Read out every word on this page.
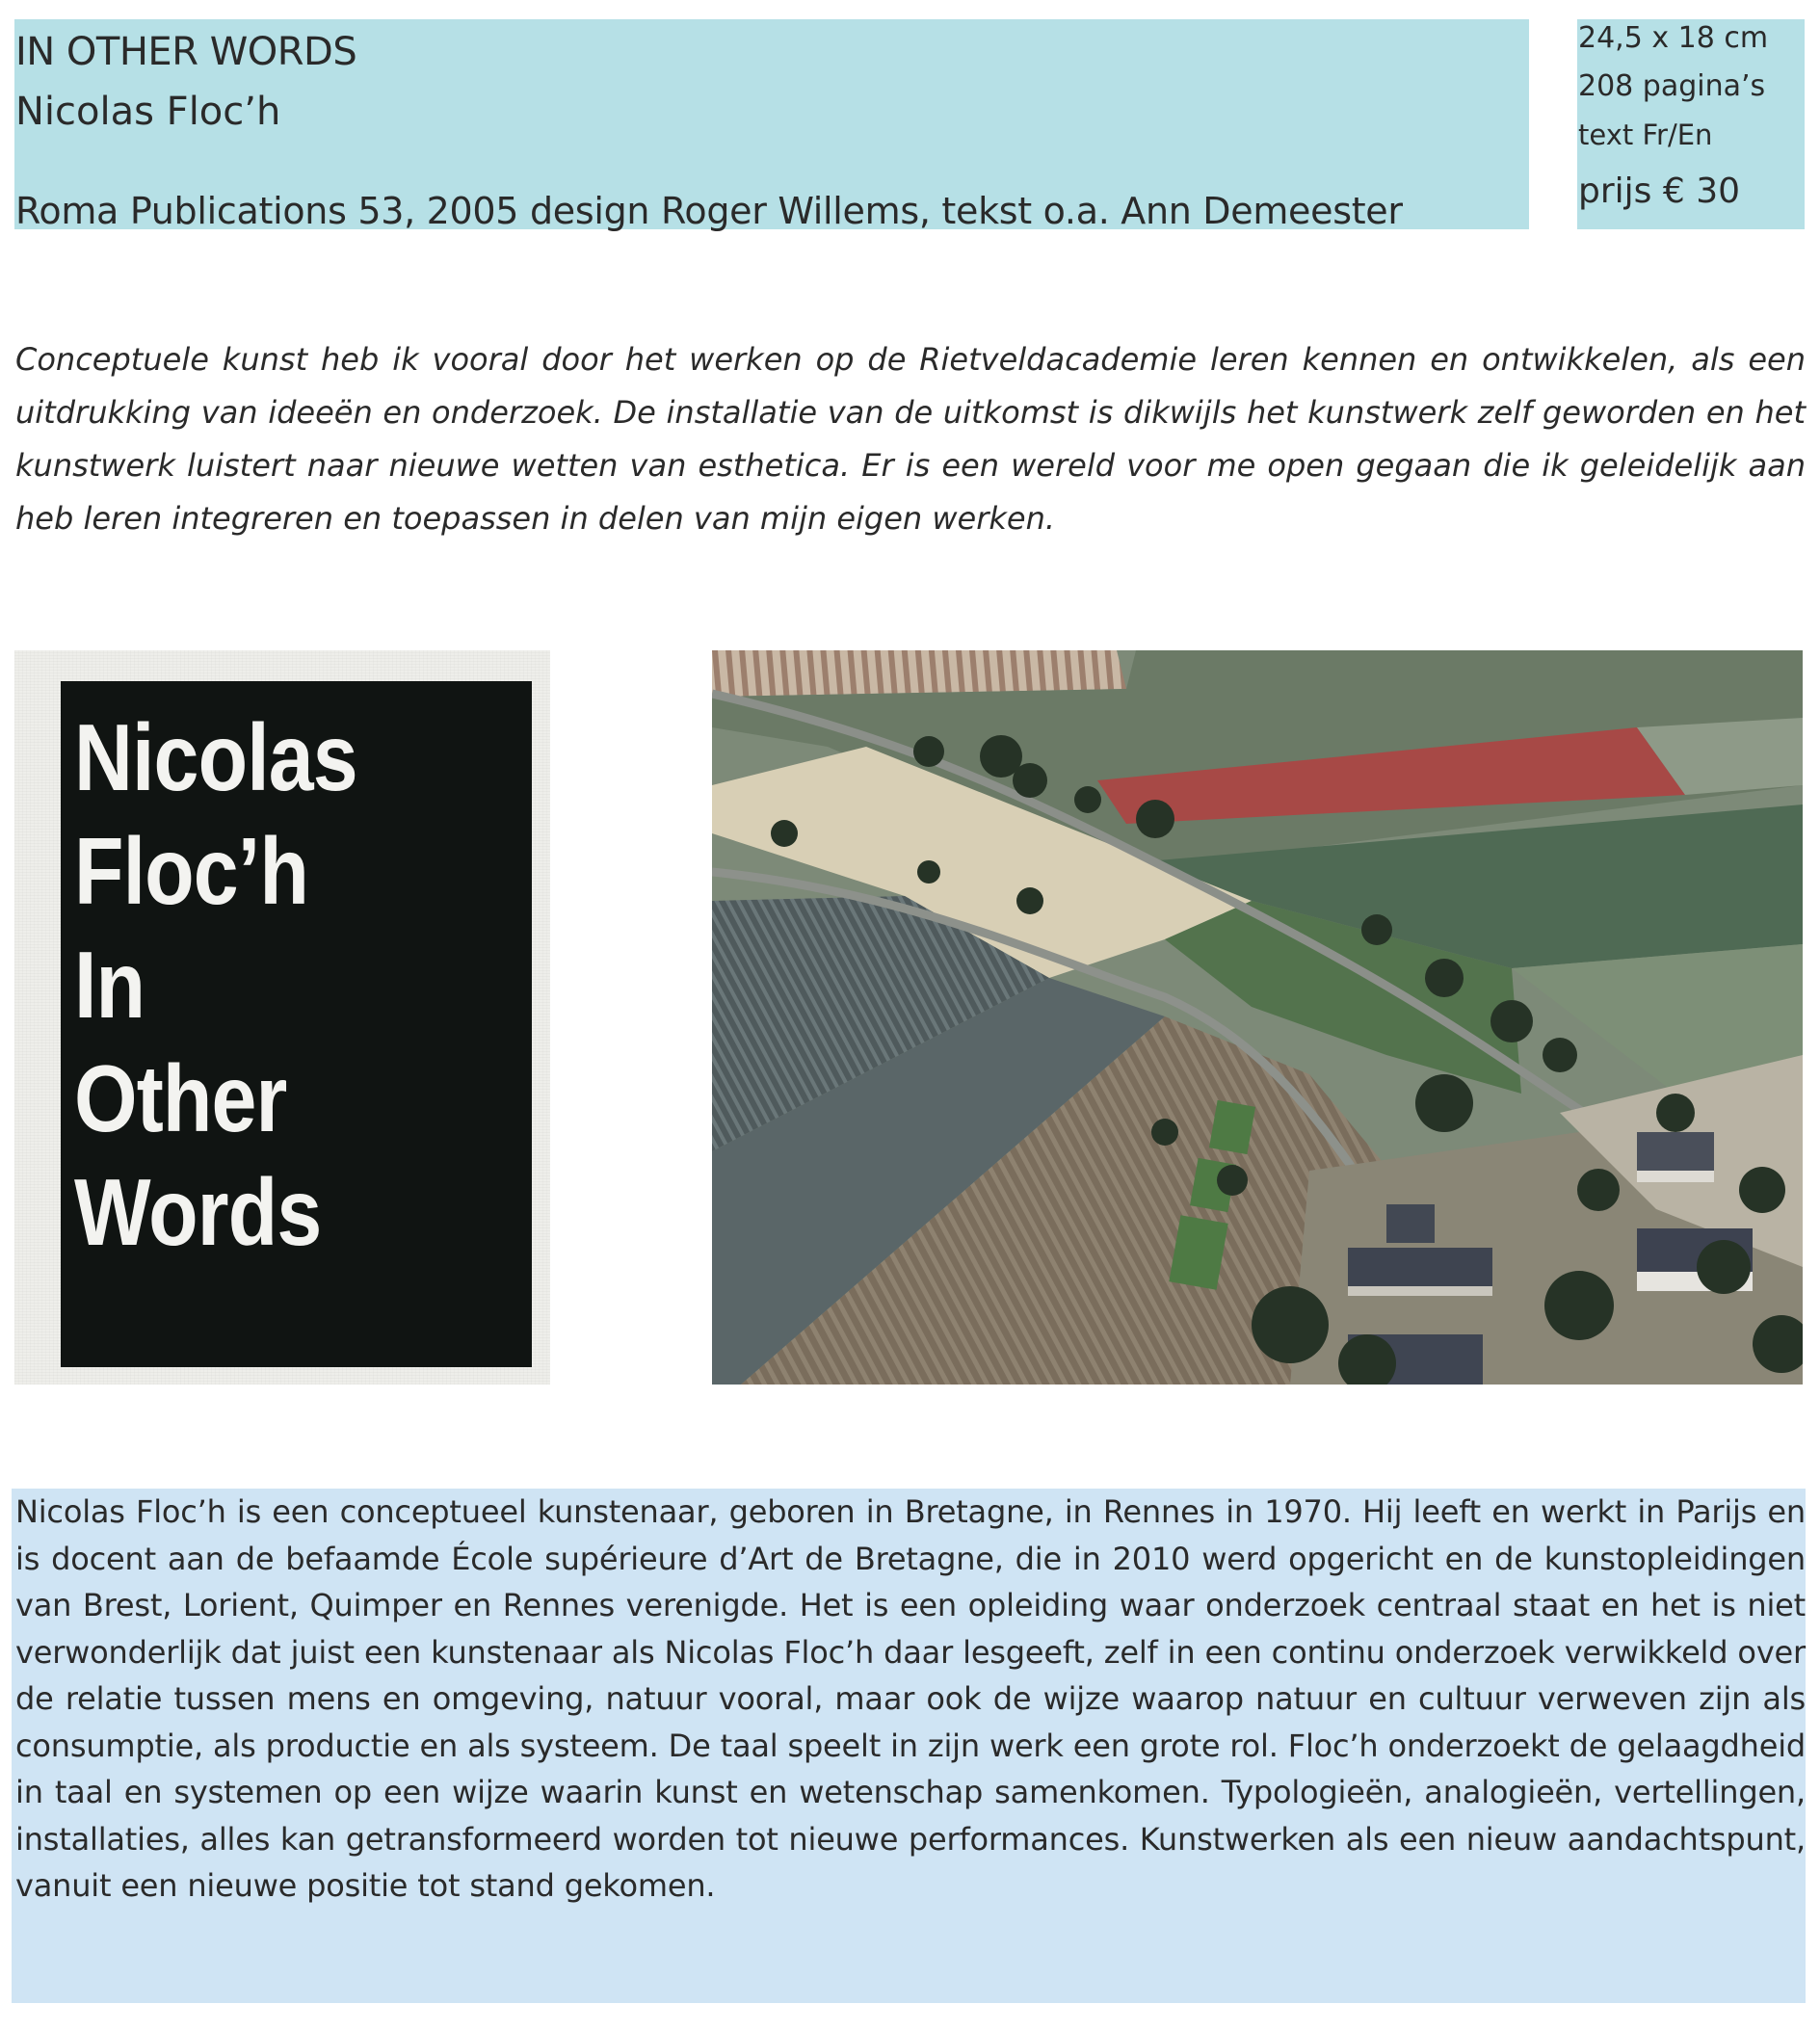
IN OTHER WORDS
Nicolas Floc’h
Roma Publications 53, 2005 design Roger Willems, tekst o.a. Ann Demeester
24,5 x 18 cm
208 pagina’s
text Fr/En
prijs € 30
Conceptuele kunst heb ik vooral door het werken op de Rietveldacademie leren kennen en ontwikkelen, als een uitdrukking van ideeën en onderzoek. De installatie van de uitkomst is dikwijls het kunstwerk zelf geworden en het kunstwerk luistert naar nieuwe wetten van esthetica. Er is een wereld voor me open gegaan die ik geleidelijk aan heb leren integreren en toepassen in delen van mijn eigen werken.
Nicolas
Floc’h
In
Other
Words
Nicolas Floc’h is een conceptueel kunstenaar, geboren in Bretagne, in Rennes in 1970. Hij leeft en werkt in Parijs en is docent aan de befaamde École supérieure d’Art de Bretagne, die in 2010 werd opgericht en de kunstopleidingen van Brest, Lorient, Quimper en Rennes verenigde. Het is een opleiding waar onderzoek centraal staat en het is niet verwonderlijk dat juist een kunstenaar als Nicolas Floc’h daar lesgeeft, zelf in een continu onderzoek verwikkeld over de relatie tussen mens en omgeving, natuur vooral, maar ook de wijze waarop natuur en cultuur verweven zijn als consumptie, als productie en als systeem. De taal speelt in zijn werk een grote rol. Floc’h onderzoekt de gelaagdheid in taal en systemen op een wijze waarin kunst en wetenschap samenkomen. Typologieën, analogieën, vertellingen, installaties, alles kan getransformeerd worden tot nieuwe performances. Kunstwerken als een nieuw aandachtspunt, vanuit een nieuwe positie tot stand gekomen.
